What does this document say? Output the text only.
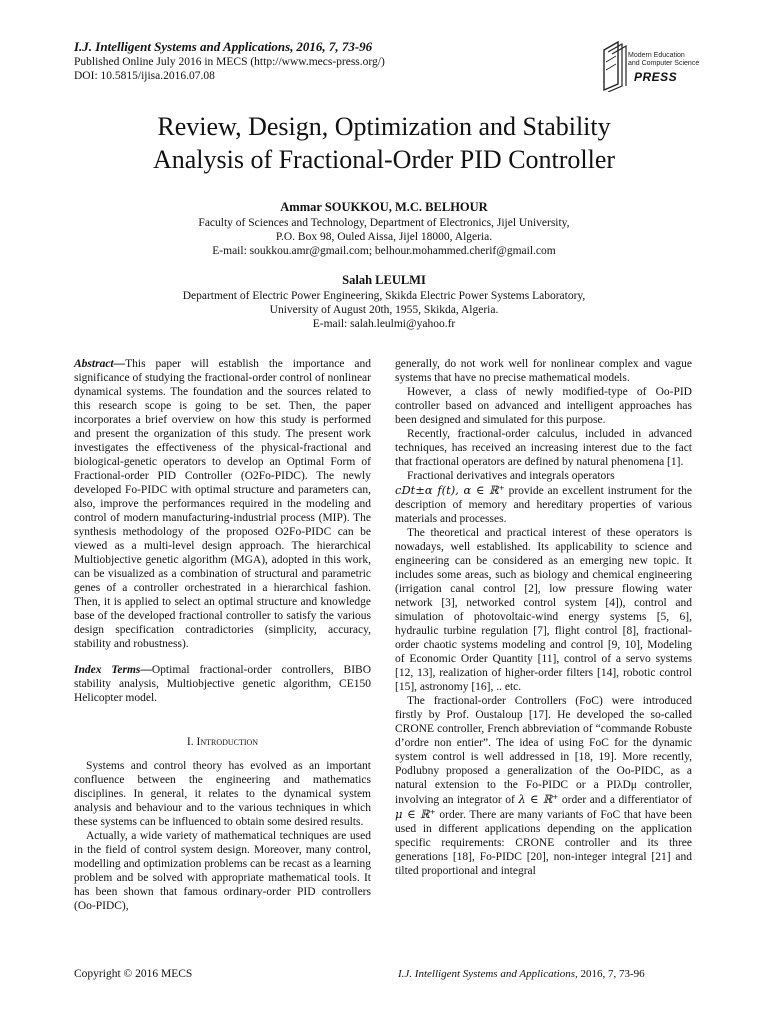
I.J. Intelligent Systems and Applications, 2016, 7, 73-96
Published Online July 2016 in MECS (http://www.mecs-press.org/)
DOI: 10.5815/ijisa.2016.07.08
Modern Education
and Computer Science
PRESS
Review, Design, Optimization and Stability
Analysis of Fractional-Order PID Controller
Ammar SOUKKOU, M.C. BELHOUR
Faculty of Sciences and Technology, Department of Electronics, Jijel University,
P.O. Box 98, Ouled Aissa, Jijel 18000, Algeria.
E-mail: soukkou.amr@gmail.com; belhour.mohammed.cherif@gmail.com
Salah LEULMI
Department of Electric Power Engineering, Skikda Electric Power Systems Laboratory,
University of August 20th, 1955, Skikda, Algeria.
E-mail: salah.leulmi@yahoo.fr

Abstract—This paper will establish the importance and significance of studying the fractional-order control of nonlinear dynamical systems. The foundation and the sources related to this research scope is going to be set. Then, the paper incorporates a brief overview on how this study is performed and present the organization of this study. The present work investigates the effectiveness of the physical-fractional and biological-genetic operators to develop an Optimal Form of Fractional-order PID Controller (O2Fo-PIDC). The newly developed Fo-PIDC with optimal structure and parameters can, also, improve the performances required in the modeling and control of modern manufacturing-industrial process (MIP). The synthesis methodology of the proposed O2Fo-PIDC can be viewed as a multi-level design approach. The hierarchical Multiobjective genetic algorithm (MGA), adopted in this work, can be visualized as a combination of structural and parametric genes of a controller orchestrated in a hierarchical fashion. Then, it is applied to select an optimal structure and knowledge base of the developed fractional controller to satisfy the various design specification contradictories (simplicity, accuracy, stability and robustness).

Index Terms—Optimal fractional-order controllers, BIBO stability analysis, Multiobjective genetic algorithm, CE150 Helicopter model.

I. Introduction

Systems and control theory has evolved as an important confluence between the engineering and mathematics disciplines. In general, it relates to the dynamical system analysis and behaviour and to the various techniques in which these systems can be influenced to obtain some desired results.

Actually, a wide variety of mathematical techniques are used in the field of control system design. Moreover, many control, modelling and optimization problems can be recast as a learning problem and be solved with appropriate mathematical tools. It has been shown that famous ordinary-order PID controllers (Oo-PIDC),

generally, do not work well for nonlinear complex and vague systems that have no precise mathematical models.

However, a class of newly modified-type of Oo-PID controller based on advanced and intelligent approaches has been designed and simulated for this purpose.

Recently, fractional-order calculus, included in advanced techniques, has received an increasing interest due to the fact that fractional operators are defined by natural phenomena [1].

Fractional derivatives and integrals operators

cDt±α f(t), α ∈ ℝ⁺ provide an excellent instrument for the description of memory and hereditary properties of various materials and processes.

The theoretical and practical interest of these operators is nowadays, well established. Its applicability to science and engineering can be considered as an emerging new topic. It includes some areas, such as biology and chemical engineering (irrigation canal control [2], low pressure flowing water network [3], networked control system [4]), control and simulation of photovoltaic-wind energy systems [5, 6], hydraulic turbine regulation [7], flight control [8], fractional-order chaotic systems modeling and control [9, 10], Modeling of Economic Order Quantity [11], control of a servo systems [12, 13], realization of higher-order filters [14], robotic control [15], astronomy [16], .. etc.

The fractional-order Controllers (FoC) were introduced firstly by Prof. Oustaloup [17]. He developed the so-called CRONE controller, French abbreviation of “commande Robuste d’ordre non entier”. The idea of using FoC for the dynamic system control is well addressed in [18, 19]. More recently, Podlubny proposed a generalization of the Oo-PIDC, as a natural extension to the Fo-PIDC or a PIλDμ controller, involving an integrator of λ ∈ ℝ⁺ order and a differentiator of μ ∈ ℝ⁺ order. There are many variants of FoC that have been used in different applications depending on the application specific requirements: CRONE controller and its three generations [18], Fo-PIDC [20], non-integer integral [21] and tilted proportional and integral

Copyright © 2016 MECS	I.J. Intelligent Systems and Applications, 2016, 7, 73-96
